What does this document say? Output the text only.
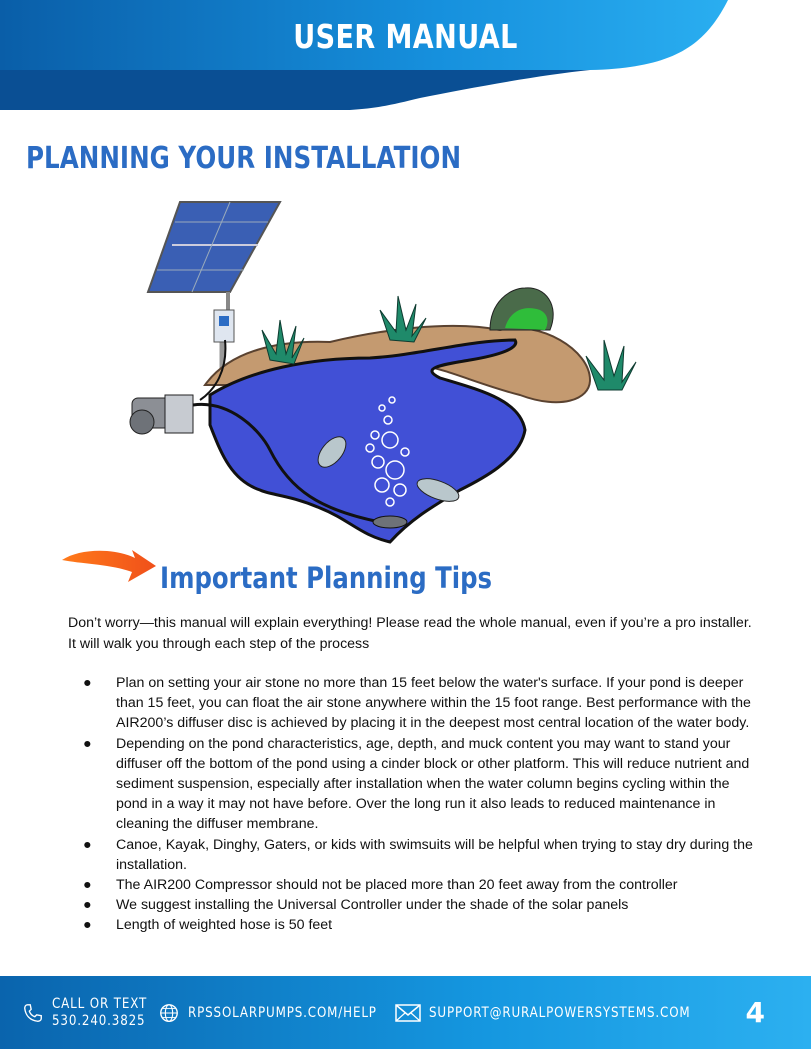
USER MANUAL
PLANNING YOUR INSTALLATION
Important Planning Tips

Don’t worry—this manual will explain everything! Please read the whole manual, even if you’re a pro installer. It will walk you through each step of the process

● Plan on setting your air stone no more than 15 feet below the water's surface. If your pond is deeper than 15 feet, you can float the air stone anywhere within the 15 foot range. Best performance with the AIR200’s diffuser disc is achieved by placing it in the deepest most central location of the water body.
● Depending on the pond characteristics, age, depth, and muck content you may want to stand your diffuser off the bottom of the pond using a cinder block or other platform. This will reduce nutrient and sediment suspension, especially after installation when the water column begins cycling within the pond in a way it may not have before. Over the long run it also leads to reduced maintenance in cleaning the diffuser membrane.
● Canoe, Kayak, Dinghy, Gaters, or kids with swimsuits will be helpful when trying to stay dry during the installation.
● The AIR200 Compressor should not be placed more than 20 feet away from the controller
● We suggest installing the Universal Controller under the shade of the solar panels
● Length of weighted hose is 50 feet
CALL OR TEXT
530.240.3825	RPSSOLARPUMPS.COM/HELP	SUPPORT@RURALPOWERSYSTEMS.COM 4
